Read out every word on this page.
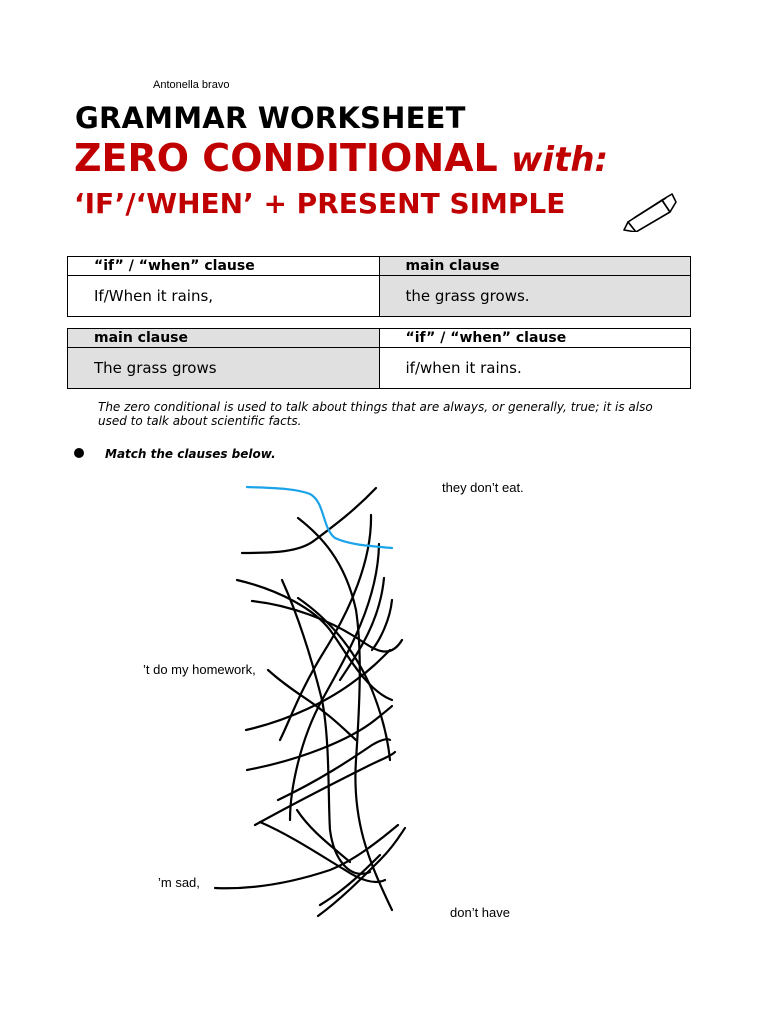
Antonella bravo
GRAMMAR WORKSHEET
ZERO CONDITIONAL with:
‘IF’/‘WHEN’ + PRESENT SIMPLE
“if” / “when” clause	main clause
If/When it rains,	the grass grows.
main clause	“if” / “when” clause
The grass grows	if/when it rains.
The zero conditional is used to talk about things that are always, or generally, true; it is also used to talk about scientific facts.
Match the clauses below.
they don’t eat.
’t do my homework,
’m sad,
don’t have
